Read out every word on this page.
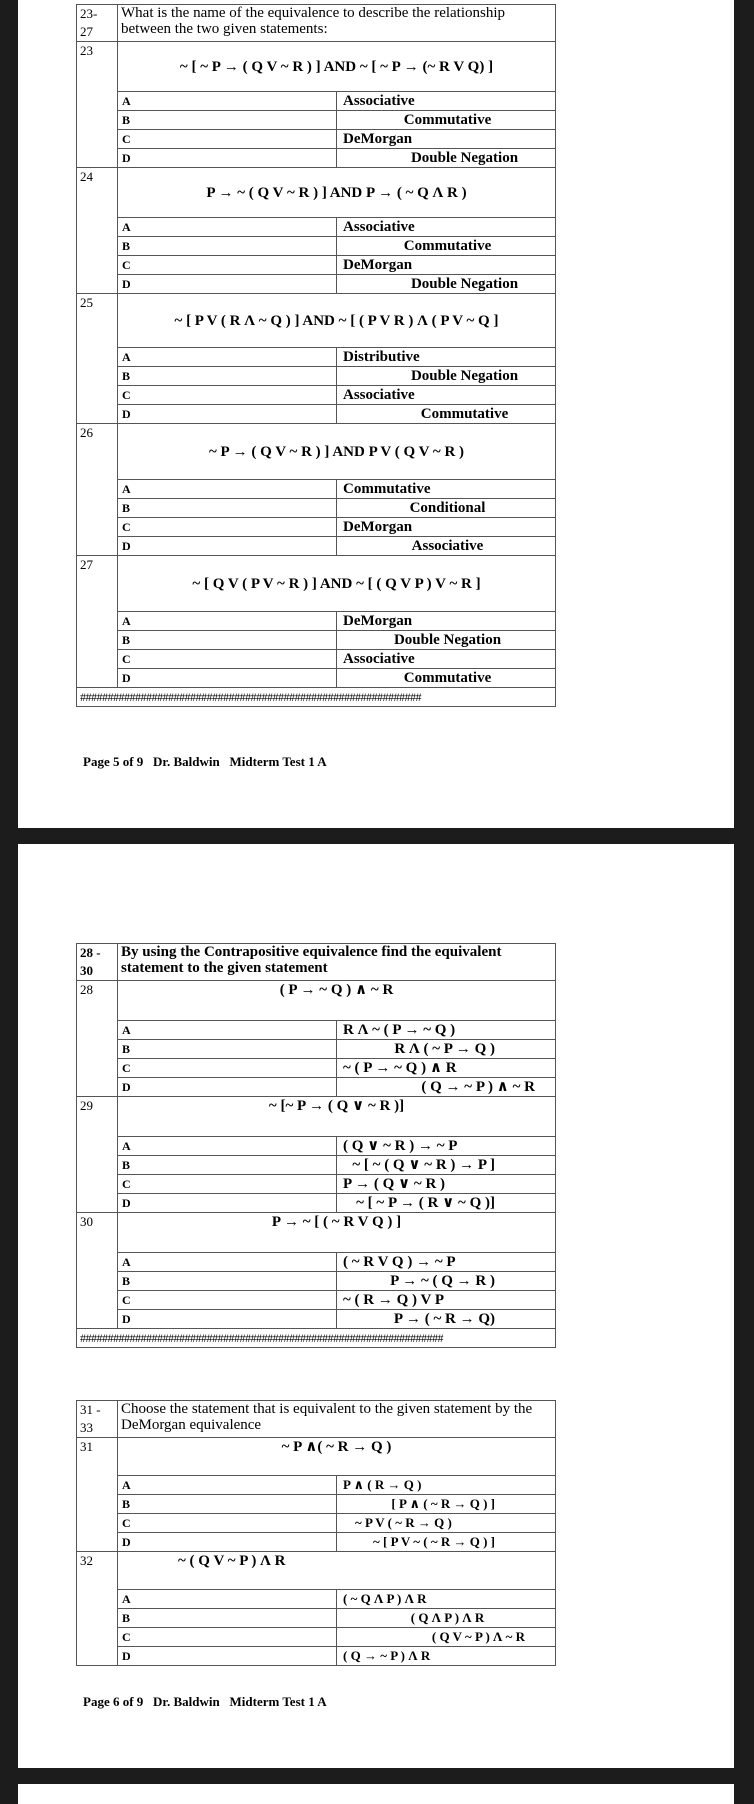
23-
27	What is the name of the equivalence to describe the relationship between the two given statements:	
23	~ [ ~ P → ( Q V ~ R ) ] AND ~ [ ~ P → (~ R V Q) ]	
	A	Associative
	B	Commutative
	C	DeMorgan
	D	Double Negation
24	P → ~ ( Q V ~ R ) ] AND P → ( ~ Q Λ R )	
	A	Associative
	B	Commutative
	C	DeMorgan
	D	Double Negation
25	~ [ P V ( R Λ ~ Q ) ] AND ~ [ ( P V R ) Λ ( P V ~ Q ]	
	A	Distributive
	B	Double Negation
	C	Associative
	D	Commutative
26	~ P → ( Q V ~ R ) ] AND P V ( Q V ~ R )	
	A	Commutative
	B	Conditional
	C	DeMorgan
	D	Associative
27	~ [ Q V ( P V ~ R ) ] AND ~ [ ( Q V P ) V ~ R ]	
	A	DeMorgan
	B	Double Negation
	C	Associative
	D	Commutative
##############################################################		
Page 5 of 9   Dr. Baldwin   Midterm Test 1 A
28 -
30	By using the Contrapositive equivalence find the equivalent statement to the given statement	
28	( P → ~ Q ) ∧ ~ R	
	A	R Λ ~ ( P → ~ Q )
	B	R Λ ( ~ P → Q )
	C	~ ( P → ~ Q ) ∧ R
	D	( Q → ~ P ) ∧ ~ R
29	~ [~ P → ( Q ∨ ~ R )]	
	A	( Q ∨ ~ R ) → ~ P
	B	~ [ ~ ( Q ∨ ~ R ) → P ]
	C	P → ( Q ∨ ~ R )
	D	~ [ ~ P → ( R ∨ ~ Q )]
30	P → ~ [ ( ~ R V Q ) ]	
	A	( ~ R V Q ) → ~ P
	B	P → ~ ( Q → R )
	C	~ ( R → Q ) V P
	D	P → ( ~ R → Q)
##################################################################		
31 -
33	Choose the statement that is equivalent to the given statement by the DeMorgan equivalence	
31	~ P ∧( ~ R → Q )	
	A	P ∧ ( R → Q )
	B	[ P ∧ ( ~ R → Q ) ]
	C	~ P V ( ~ R → Q )
	D	~ [ P V ~ ( ~ R → Q ) ]
32	~ ( Q V ~ P ) Λ R	
	A	( ~ Q Λ P ) Λ R
	B	( Q Λ P ) Λ R
	C	( Q V ~ P ) Λ ~ R
	D	( Q → ~ P ) Λ R
Page 6 of 9   Dr. Baldwin   Midterm Test 1 A
